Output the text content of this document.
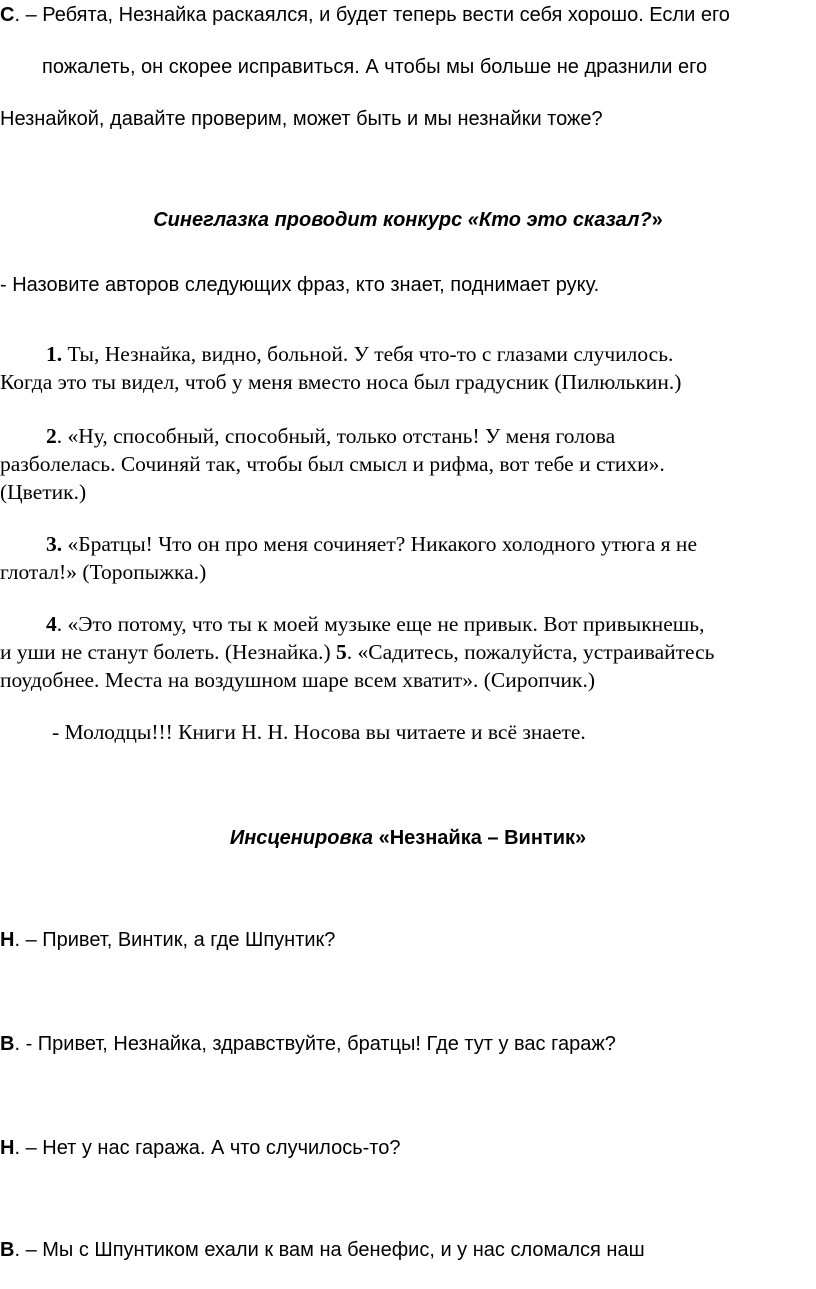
С. – Ребята, Незнайка раскаялся, и будет теперь вести себя хорошо. Если его
пожалеть, он скорее исправиться. А чтобы мы больше не дразнили его
Незнайкой, давайте проверим, может быть и мы незнайки тоже?
Синеглазка проводит конкурс «Кто это сказал?»
- Назовите авторов следующих фраз, кто знает, поднимает руку.
1. Ты, Незнайка, видно, больной. У тебя что-то с глазами случилось.
Когда это ты видел, чтоб у меня вместо носа был градусник (Пилюлькин.)
2. «Ну, способный, способный, только отстань! У меня голова
разболелась. Сочиняй так, чтобы был смысл и рифма, вот тебе и стихи».
(Цветик.)
3. «Братцы! Что он про меня сочиняет? Никакого холодного утюга я не
глотал!» (Торопыжка.)
4. «Это потому, что ты к моей музыке еще не привык. Вот привыкнешь,
и уши не станут болеть. (Незнайка.) 5. «Садитесь, пожалуйста, устраивайтесь
поудобнее. Места на воздушном шаре всем хватит». (Сиропчик.)
- Молодцы!!! Книги Н. Н. Носова вы читаете и всё знаете.
Инсценировка «Незнайка – Винтик»
Н. – Привет, Винтик, а где Шпунтик?
В. - Привет, Незнайка, здравствуйте, братцы! Где тут у вас гараж?
Н. – Нет у нас гаража. А что случилось-то?
В. – Мы с Шпунтиком ехали к вам на бенефис, и у нас сломался наш
